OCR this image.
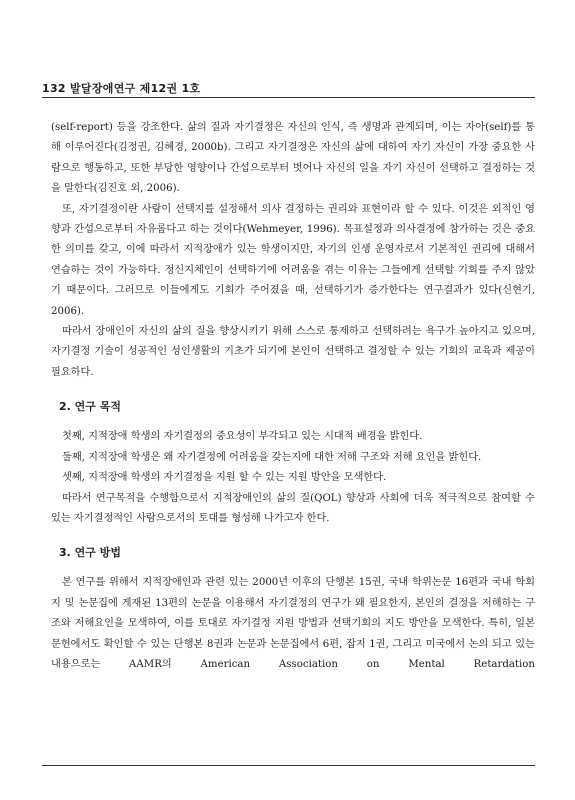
132 발달장애연구 제12권 1호

(self-report) 등을 강조한다. 삶의 질과 자기결정은 자신의 인식, 즉 생명과 관계되며, 이는 자아(self)를 통해 이루어진다(김정권, 김혜경, 2000b). 그리고 자기결정은 자신의 삶에 대하여 자기 자신이 가장 중요한 사람으로 행동하고, 또한 부당한 영향이나 간섭으로부터 벗어나 자신의 일을 자기 자신이 선택하고 결정하는 것을 말한다(김진호 외, 2006).

또, 자기결정이란 사람이 선택지를 설정해서 의사 결정하는 권리와 표현이라 할 수 있다. 이것은 외적인 영향과 간섭으로부터 자유롭다고 하는 것이다(Wehmeyer, 1996). 목표설정과 의사결정에 참가하는 것은 중요한 의미를 갖고, 이에 따라서 지적장애가 있는 학생이지만, 자기의 인생 운영자로서 기본적인 권리에 대해서 연습하는 것이 가능하다. 정신지체인이 선택하기에 어려움을 겪는 이유는 그들에게 선택할 기회를 주지 않았기 때문이다. 그러므로 이들에게도 기회가 주어졌을 때, 선택하기가 증가한다는 연구결과가 있다(신현기, 2006).

따라서 장애인이 자신의 삶의 질을 향상시키기 위해 스스로 통제하고 선택하려는 욕구가 높아지고 있으며, 자기결정 기술이 성공적인 성인생활의 기초가 되기에 본인이 선택하고 결정할 수 있는 기회의 교육과 제공이 필요하다.

2. 연구 목적

첫째, 지적장애 학생의 자기결정의 중요성이 부각되고 있는 시대적 배경을 밝힌다.

둘째, 지적장애 학생은 왜 자기결정에 어려움을 갖는지에 대한 저해 구조와 저해 요인을 밝힌다.

셋째, 지적장애 학생의 자기결정을 지원 할 수 있는 지원 방안을 모색한다.

따라서 연구목적을 수행함으로서 지적장애인의 삶의 질(QOL) 향상과 사회에 더욱 적극적으로 참여할 수 있는 자기결정적인 사람으로서의 토대를 형성해 나가고자 한다.

3. 연구 방법

본 연구를 위해서 지적장애인과 관련 있는 2000년 이후의 단행본 15권, 국내 학위논문 16편과 국내 학회지 및 논문집에 게재된 13편의 논문을 이용해서 자기결정의 연구가 왜 필요한지, 본인의 결정을 저해하는 구조와 저해요인을 모색하여, 이를 토대로 자기결정 지원 방법과 선택기회의 지도 방안을 모색한다. 특히, 일본 문헌에서도 확인할 수 있는 단행본 8권과 논문과 논문집에서 6편, 잡지 1권, 그리고 미국에서 논의 되고 있는 내용으로는 AAMR의 American Association on Mental Retardation
